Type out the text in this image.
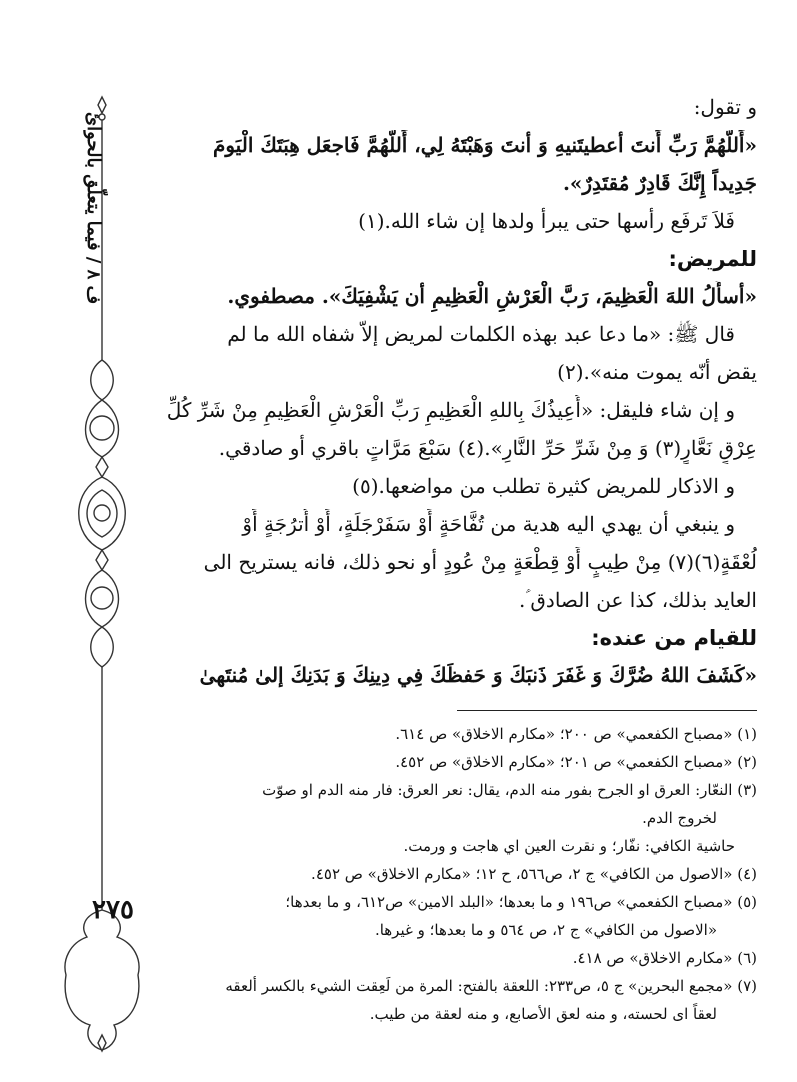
ف ٨ / فيما يتعلّق بالحوائ
٢٧٥

و تقول:

«أَللّهُمَّ رَبِّ أَنتَ أعطيتَنيهِ وَ أنتَ وَهَبْتَهُ لِي، أَللّهُمَّ فَاجعَل هِبَتَكَ الْيَومَ

جَدِيداً إِنَّكَ قَادِرٌ مُقتَدِرٌ».

فَلاَ تَرفَع رأسها حتى يبرأ ولدها إن شاء الله.(١)

للمريض:

«أسأَلُ اللهَ الْعَظِيمَ، رَبَّ الْعَرْشِ الْعَظِيمِ أن يَشْفِيَكَ». مصطفوي.

قال ﷺ: «ما دعا عبد بهذه الكلمات لمريض إلاّ شفاه الله ما لم

يقض أنّه يموت منه».(٢)

و إن شاء فليقل: «أُعِيذُكَ بِاللهِ الْعَظِيمِ رَبِّ الْعَرْشِ الْعَظِيمِ مِنْ شَرِّ كُلِّ

عِرْقٍ نَعَّارٍ(٣) وَ مِنْ شَرِّ حَرِّ النَّارِ».(٤) سَبْعَ مَرَّاتٍ باقري أو صادقي.

و الاذكار للمريض كثيرة تطلب من مواضعها.(٥)

و ينبغي أن يهدي اليه هدية من تُفَّاحَةٍ أَوْ سَفَرْجَلَةٍ، أَوْ أُترُجَةٍ أَوْ

لُعْقَةٍ(٦)(٧) مِنْ طِيبٍ أَوْ قِطْعَةٍ مِنْ عُودٍ أو نحو ذلك، فانه يستريح الى

العايد بذلك، كذا عن الصادق ؑ.

للقيام من عنده:

«كَشَفَ اللهُ ضُرَّكَ وَ غَفَرَ ذَنبَكَ وَ حَفظَكَ فِي دِينِكَ وَ بَدَنِكَ إلىٰ مُنتَهىٰ

(١) «مصباح الكفعمي» ص ٢٠٠؛ «مكارم الاخلاق» ص ٦١٤.

(٢) «مصباح الكفعمي» ص ٢٠١؛ «مكارم الاخلاق» ص ٤٥٢.

(٣) النعّار: العرق او الجرح بفور منه الدم، يقال: نعر العرق: فار منه الدم او صوّت

لخروج الدم.

حاشية الكافي: نفّار؛ و نقرت العين اي هاجت و ورمت.

(٤) «الاصول من الكافي» ج ٢، ص٥٦٦، ح ١٢؛ «مكارم الاخلاق» ص ٤٥٢.

(٥) «مصباح الكفعمي» ص١٩٦ و ما بعدها؛ «البلد الامين» ص٦١٢، و ما بعدها؛

«الاصول من الكافي» ج ٢، ص ٥٦٤ و ما بعدها؛ و غيرها.

(٦) «مكارم الاخلاق» ص ٤١٨.

(٧) «مجمع البحرين» ج ٥، ص٢٣٣: اللعقة بالفتح: المرة من لَعِقت الشيء بالكسر ألعقه

لعقاً اى لحسته، و منه لعق الأصابع، و منه لعقة من طيب.
